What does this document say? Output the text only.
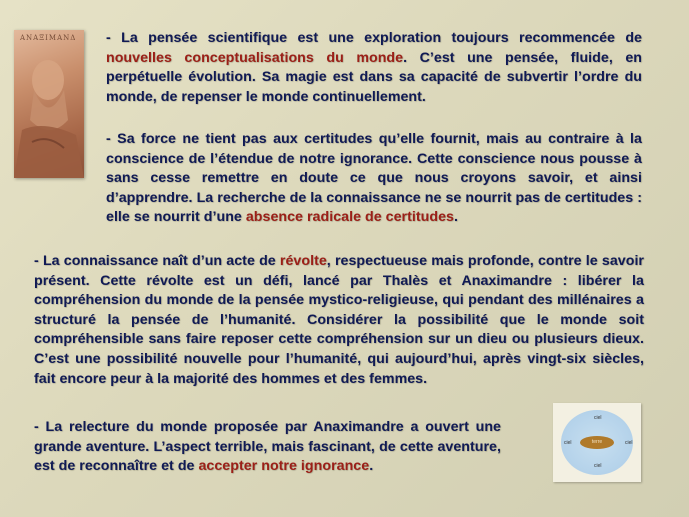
ΑΝΑΞΙΜΑΝΔ - La pensée scientifique est une exploration toujours recommencée de nouvelles conceptualisations du monde. C’est une pensée, fluide, en perpétuelle évolution. Sa magie est dans sa capacité de subvertir l’ordre du monde, de repenser le monde continuellement.
- Sa force ne tient pas aux certitudes qu’elle fournit, mais au contraire à la conscience de l’étendue de notre ignorance. Cette conscience nous pousse à sans cesse remettre en doute ce que nous croyons savoir, et ainsi d’apprendre. La recherche de la connaissance ne se nourrit pas de certitudes : elle se nourrit d’une absence radicale de certitudes.
- La connaissance naît d’un acte de révolte, respectueuse mais profonde, contre le savoir présent. Cette révolte est un défi, lancé par Thalès et Anaximandre : libérer la compréhension du monde de la pensée mystico-religieuse, qui pendant des millénaires a structuré la pensée de l’humanité. Considérer la possibilité que le monde soit compréhensible sans faire reposer cette compréhension sur un dieu ou plusieurs dieux. C’est une possibilité nouvelle pour l’humanité, qui aujourd’hui, après vingt-six siècles, fait encore peur à la majorité des hommes et des femmes.
- La relecture du monde proposée par Anaximandre a ouvert une grande aventure. L’aspect terrible, mais fascinant, de cette aventure, est de reconnaître et de accepter notre ignorance.
terre
ciel
ciel	ciel
ciel
